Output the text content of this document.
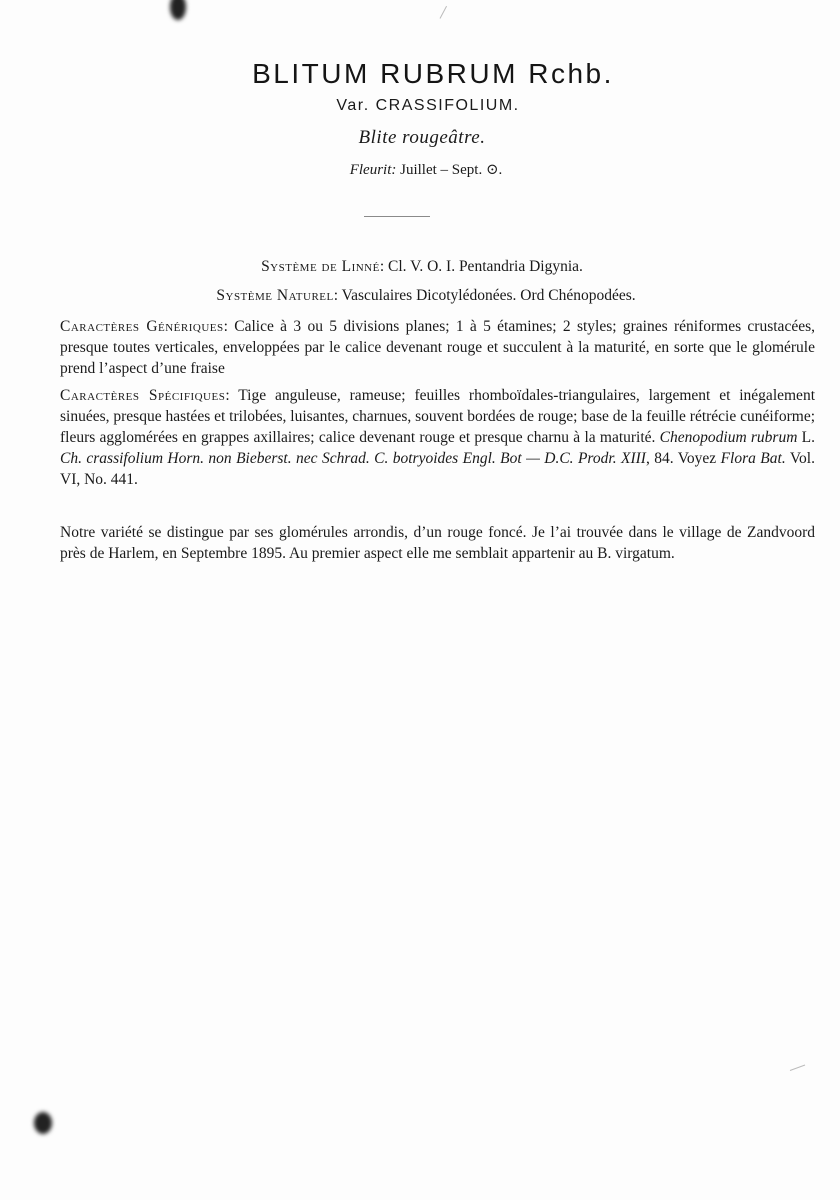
BLITUM RUBRUM Rchb.
Var. CRASSIFOLIUM.
Blite rougeâtre.
Fleurit: Juillet – Sept. ⊙.
Système de Linné: Cl. V. O. I. Pentandria Digynia.
Système Naturel: Vasculaires Dicotylédonées. Ord Chénopodées.

Caractères Génériques: Calice à 3 ou 5 divisions planes; 1 à 5 étamines; 2 styles; graines réniformes crustacées, presque toutes verticales, enveloppées par le calice devenant rouge et succulent à la maturité, en sorte que le glomérule prend l’aspect d’une fraise

Caractères Spécifiques: Tige anguleuse, rameuse; feuilles rhomboïdales-triangulaires, largement et inégalement sinuées, presque hastées et trilobées, luisantes, charnues, souvent bordées de rouge; base de la feuille rétrécie cunéiforme; fleurs agglomérées en grappes axillaires; calice devenant rouge et presque charnu à la maturité. Chenopodium rubrum L. Ch. crassifolium Horn. non Bieberst. nec Schrad. C. botryoides Engl. Bot — D.C. Prodr. XIII, 84. Voyez Flora Bat. Vol. VI, No. 441.

Notre variété se distingue par ses glomérules arrondis, d’un rouge foncé. Je l’ai trouvée dans le village de Zandvoord près de Harlem, en Septembre 1895. Au premier aspect elle me semblait appartenir au B. virgatum.
